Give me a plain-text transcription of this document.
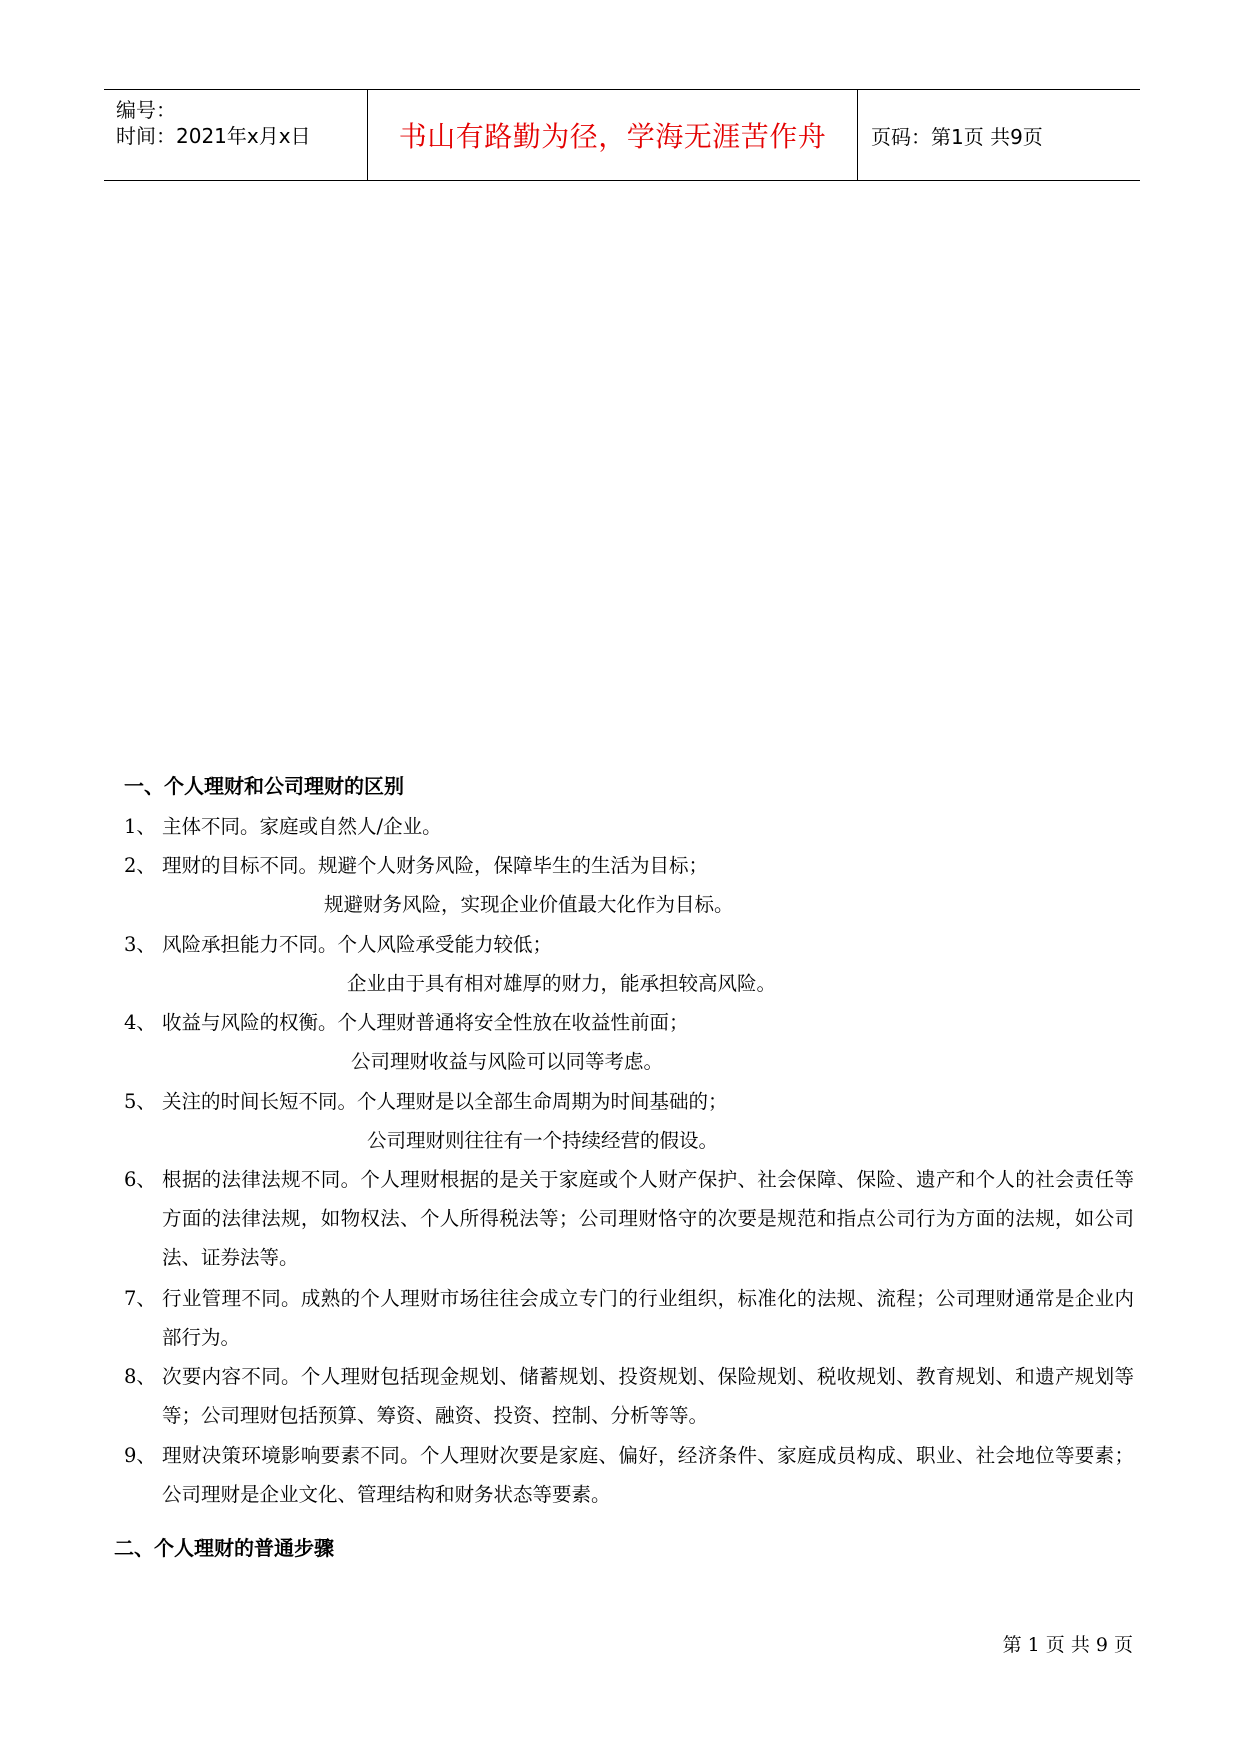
编号：
时间：2021年x月x日	书山有路勤为径，学海无涯苦作舟 页码：第1页 共9页
一、个人理财和公司理财的区别
1、 主体不同。家庭或自然人/企业。
2、 理财的目标不同。规避个人财务风险，保障毕生的生活为目标；
规避财务风险，实现企业价值最大化作为目标。
3、 风险承担能力不同。个人风险承受能力较低；
企业由于具有相对雄厚的财力，能承担较高风险。
4、 收益与风险的权衡。个人理财普通将安全性放在收益性前面；
公司理财收益与风险可以同等考虑。
5、 关注的时间长短不同。个人理财是以全部生命周期为时间基础的；
公司理财则往往有一个持续经营的假设。
6、 根据的法律法规不同。个人理财根据的是关于家庭或个人财产保护、社会保障、保险、遗产和个人的社会责任等方面的法律法规，如物权法、个人所得税法等；公司理财恪守的次要是规范和指点公司行为方面的法规，如公司法、证券法等。
7、 行业管理不同。成熟的个人理财市场往往会成立专门的行业组织，标准化的法规、流程；公司理财通常是企业内部行为。
8、 次要内容不同。个人理财包括现金规划、储蓄规划、投资规划、保险规划、税收规划、教育规划、和遗产规划等等；公司理财包括预算、筹资、融资、投资、控制、分析等等。
9、 理财决策环境影响要素不同。个人理财次要是家庭、偏好，经济条件、家庭成员构成、职业、社会地位等要素；公司理财是企业文化、管理结构和财务状态等要素。
二、个人理财的普通步骤
第 1 页 共 9 页
